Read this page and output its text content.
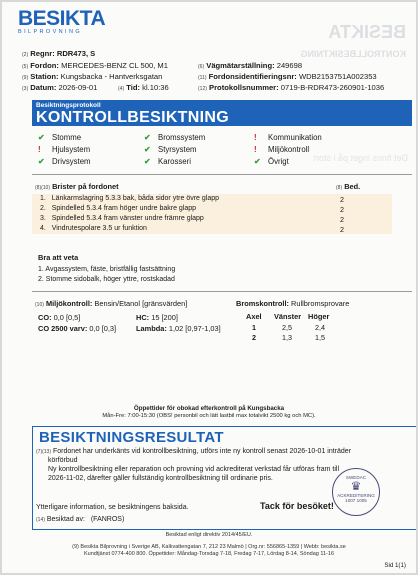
BESIKTA
KONTROLLBESIKTNING
Det finns inget på i stort
BESIKTA
BILPROVNING
(2) Regnr: RDR473, S
(5) Fordon: MERCEDES-BENZ CL 500, M1
(9) Station: Kungsbacka - Hantverksgatan
(3) Datum: 2026-09-01	(4) Tid: kl.10:36
(6) Vägmätarställning: 249698
(11) Fordonsidentifieringsnr: WDB2153751A002353
(12) Protokollsnummer: 0719-B-RDR473-260901-1036
Besiktningsprotokoll
KONTROLLBESIKTNING
✔ Stomme
! Hjulsystem
✔ Drivsystem
✔ Bromssystem
✔ Styrsystem
✔ Karosseri
! Kommunikation
! Miljökontroll
✔ Övrigt
(8)(10) Brister på fordonet	(8) Bed.
1. Länkarmslagring 5.3.3 bak, båda sidor ytre övre glapp	2
2. Spindelled 5.3.4 fram höger undre bakre glapp	2
3. Spindelled 5.3.4 fram vänster undre främre glapp	2
4. Vindrutespolare 3.5 ur funktion	2
Bra att veta
1. Avgassystem, fäste, bristfällig fastsättning
2. Stomme sidobalk, höger yttre, rostskadad
(10) Miljökontroll: Bensin/Etanol [gränsvärden]
CO: 0,0 [0,5]	HC: 15 [200]
CO 2500 varv: 0,0 [0,3]	Lambda: 1,02 [0,97-1,03]
Bromskontroll: Rullbromsprovare
Axel Vänster Höger
1	2,5	2,4
2	1,3	1,5
Öppettider för obokad efterkontroll på Kungsbacka
Mån-Fre: 7:00-15:30 (OBS! personbil och lätt lastbil max totalvikt 2500 kg och MC).
BESIKTNINGSRESULTAT
(7)(13) Fordonet har underkänts vid kontrollbesiktning, utförs inte ny kontroll senast 2026-10-01 inträder
körförbud
Ny kontrollbesiktning eller reparation och provning vid ackrediterat verkstad får utföras fram till
2026-11-02, därefter gäller fullständig kontrollbesiktning till ordinarie pris.
Ytterligare information, se besiktningens baksida.
(14) Besiktad av: (FANROS)
Tack för besöket!
SWEDAC
♛
ACKREDITERING
1007 1005
Besiktad enligt direktiv 2014/45/EU.
(9) Besikta Bilprovning i Sverige AB, Kalkvattengatan 7, 212 23 Malmö | Org.nr: 556865-1359 | Webb: besikta.se
Kundtjänst 0774-400 800. Öppettider: Måndag-Torsdag 7-18, Fredag 7-17, Lördag 8-14, Söndag 11-16
Sid 1(1)
